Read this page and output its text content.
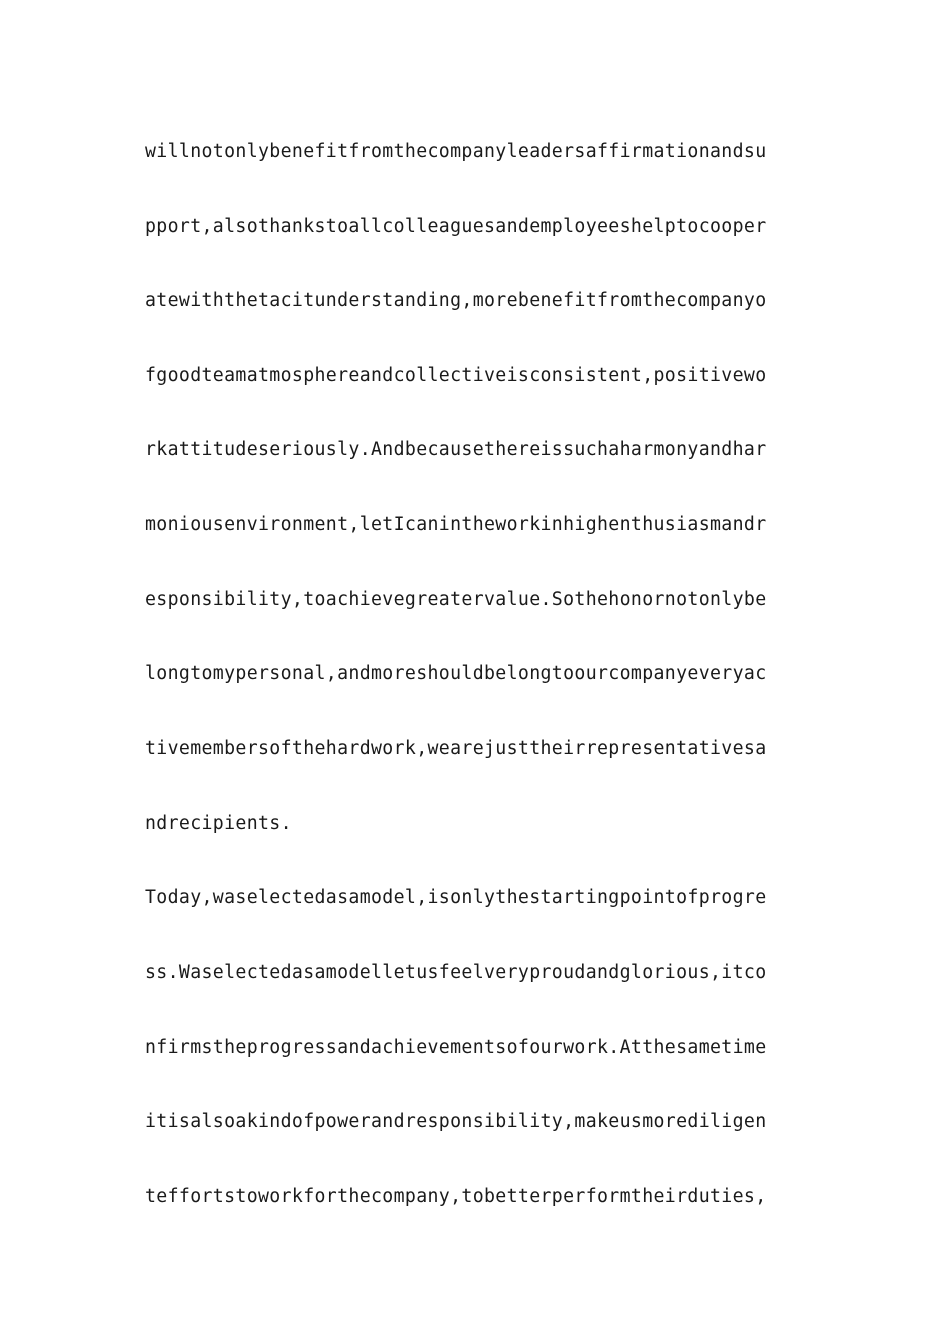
willnotonlybenefitfromthecompanyleadersaffirmationandsu
pport,alsothankstoallcolleaguesandemployeeshelptocooper
atewiththetacitunderstanding,morebenefitfromthecompanyo
fgoodteamatmosphereandcollectiveisconsistent,positivewo
rkattitudeseriously.Andbecausethereissuchaharmonyandhar
moniousenvironment,letIcanintheworkinhighenthusiasmandr
esponsibility,toachievegreatervalue.Sothehonornotonlybe
longtomypersonal,andmoreshouldbelongtoourcompanyeveryac
tivemembersofthehardwork,wearejusttheirrepresentativesa
ndrecipients.
Today,waselectedasamodel,isonlythestartingpointofprogre
ss.Waselectedasamodelletusfeelveryproudandglorious,itco
nfirmstheprogressandachievementsofourwork.Atthesametime
itisalsoakindofpowerandresponsibility,makeusmorediligen
teffortstoworkforthecompany,tobetterperformtheirduties,
